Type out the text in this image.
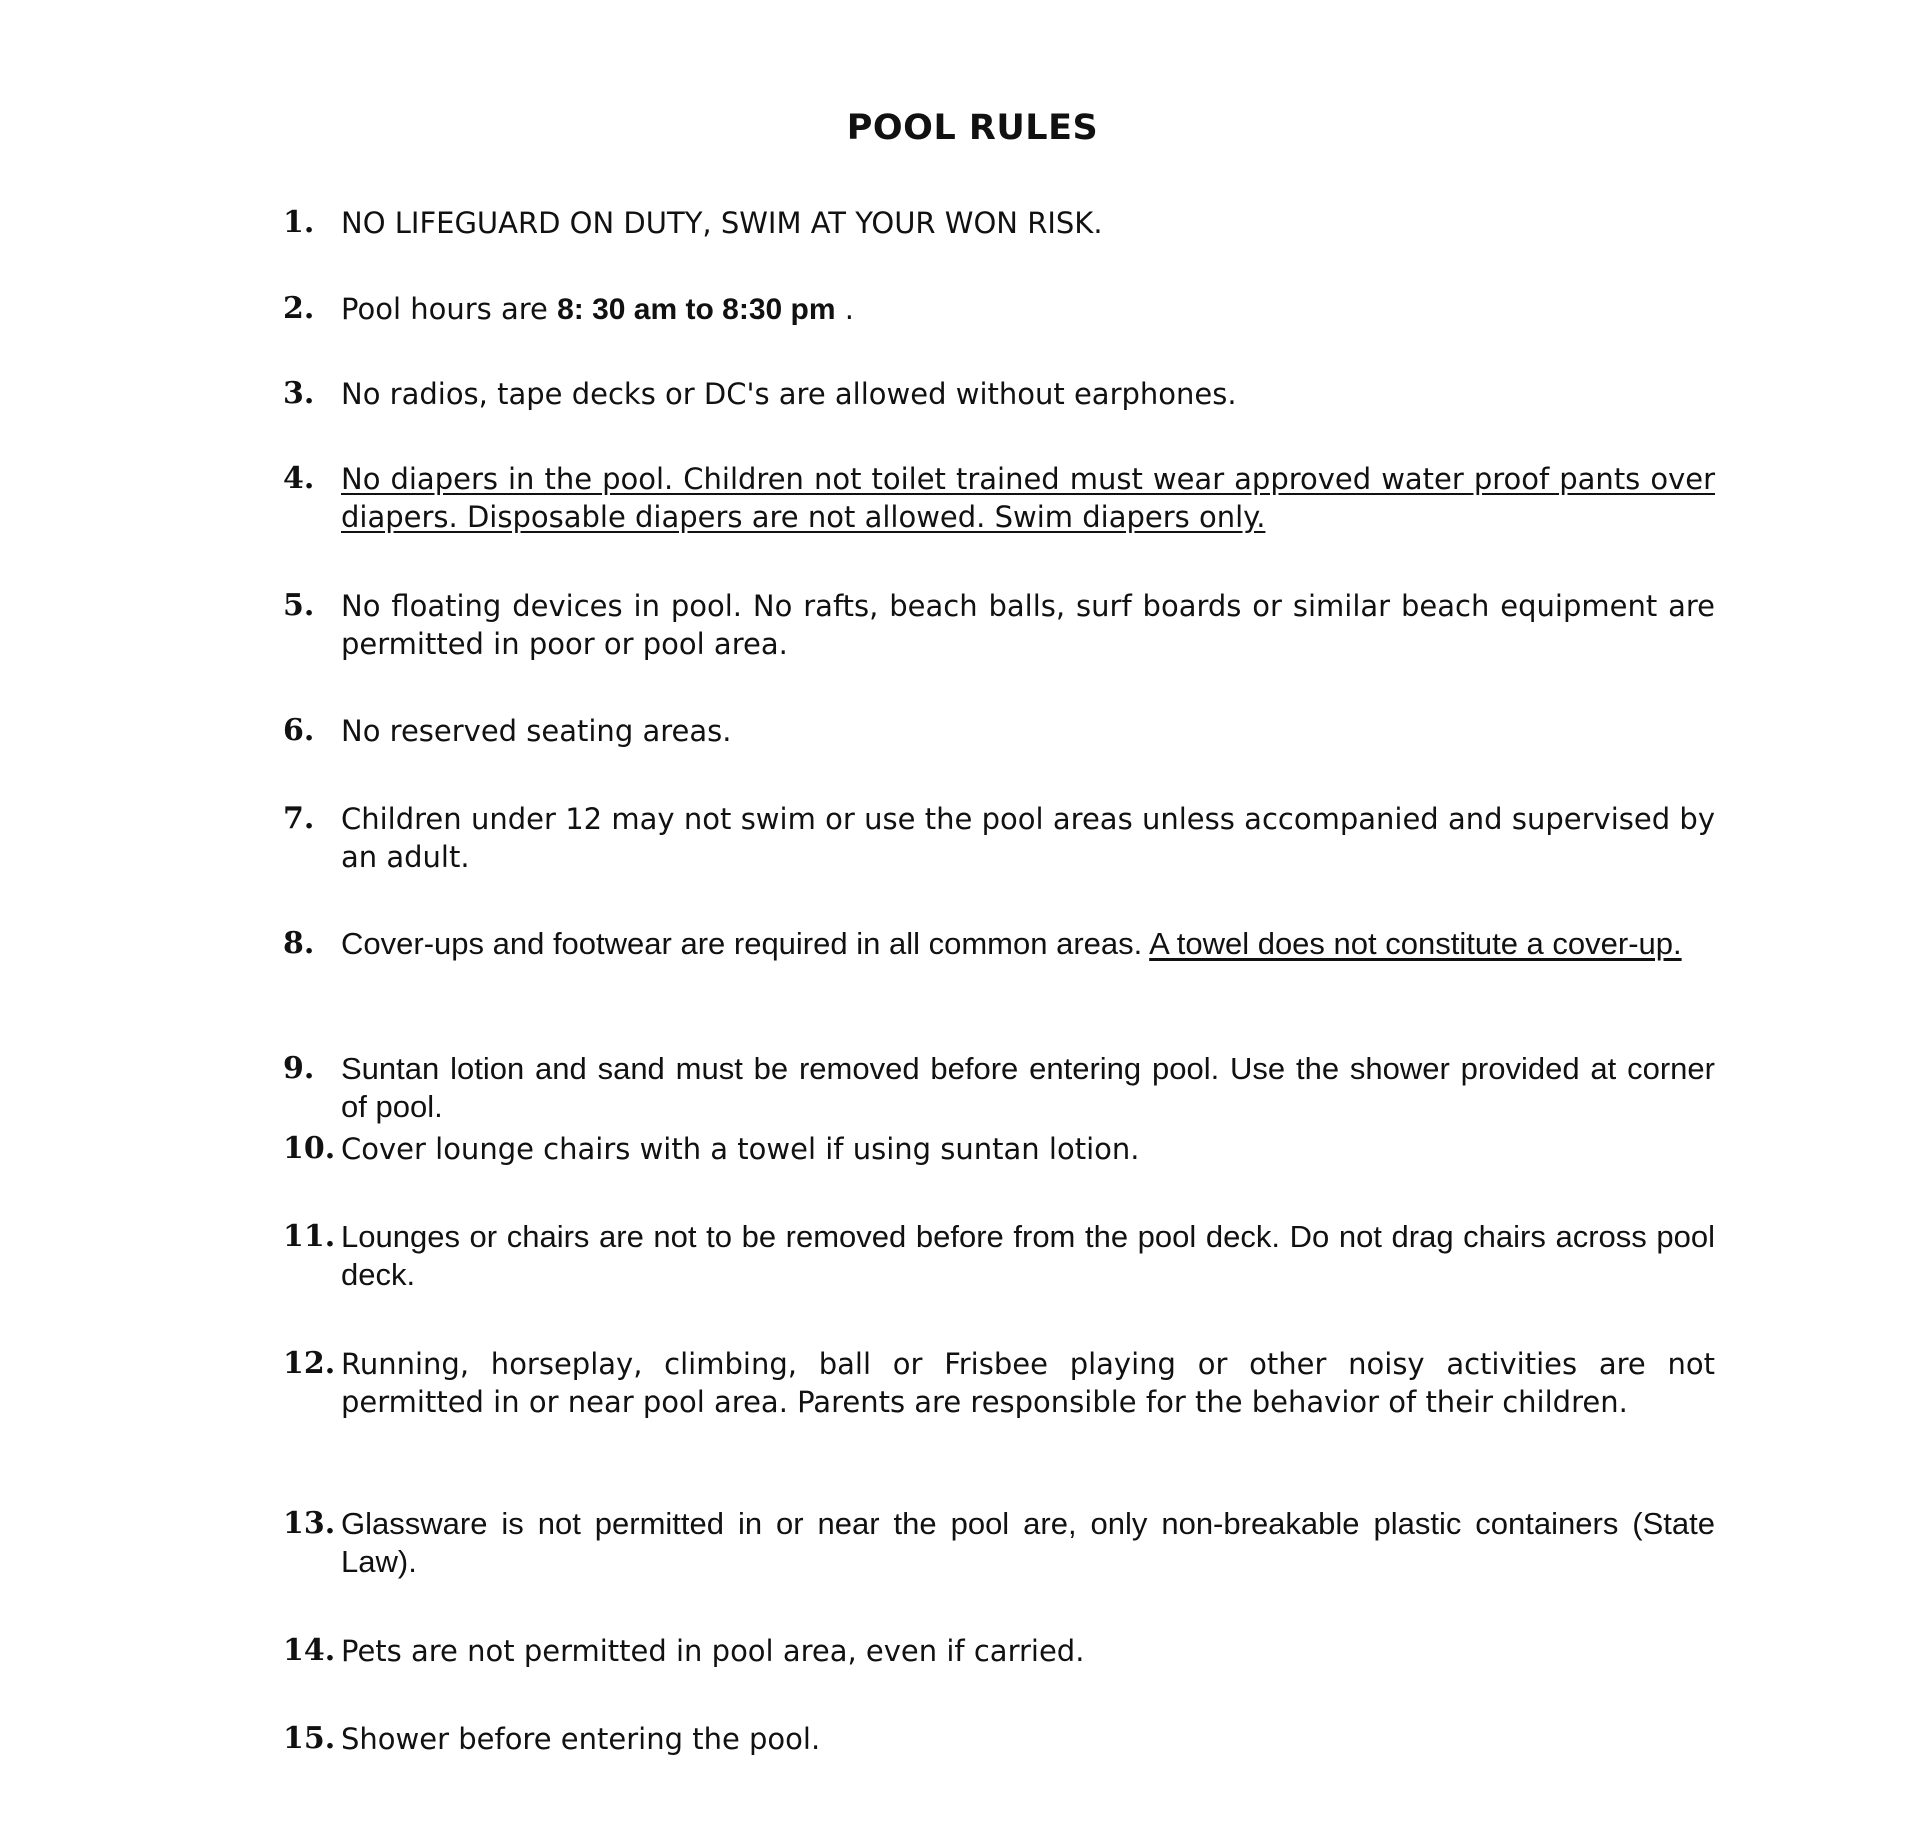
POOL RULES
1. NO LIFEGUARD ON DUTY, SWIM AT YOUR WON RISK.
2. Pool hours are 8: 30 am to 8:30 pm .
3. No radios, tape decks or DC's are allowed without earphones.
4. No diapers in the pool. Children not toilet trained must wear approved water proof pants over diapers. Disposable diapers are not allowed. Swim diapers only.
5. No floating devices in pool. No rafts, beach balls, surf boards or similar beach equipment are permitted in poor or pool area.
6. No reserved seating areas.
7. Children under 12 may not swim or use the pool areas unless accompanied and supervised by an adult.
8. Cover-ups and footwear are required in all common areas. A towel does not constitute a cover-up.
9. Suntan lotion and sand must be removed before entering pool. Use the shower provided at corner of pool.
10. Cover lounge chairs with a towel if using suntan lotion.
11. Lounges or chairs are not to be removed before from the pool deck. Do not drag chairs across pool deck.
12. Running, horseplay, climbing, ball or Frisbee playing or other noisy activities are not permitted in or near pool area. Parents are responsible for the behavior of their children.
13. Glassware is not permitted in or near the pool are, only non-breakable plastic containers (State Law).
14. Pets are not permitted in pool area, even if carried.
15. Shower before entering the pool.
